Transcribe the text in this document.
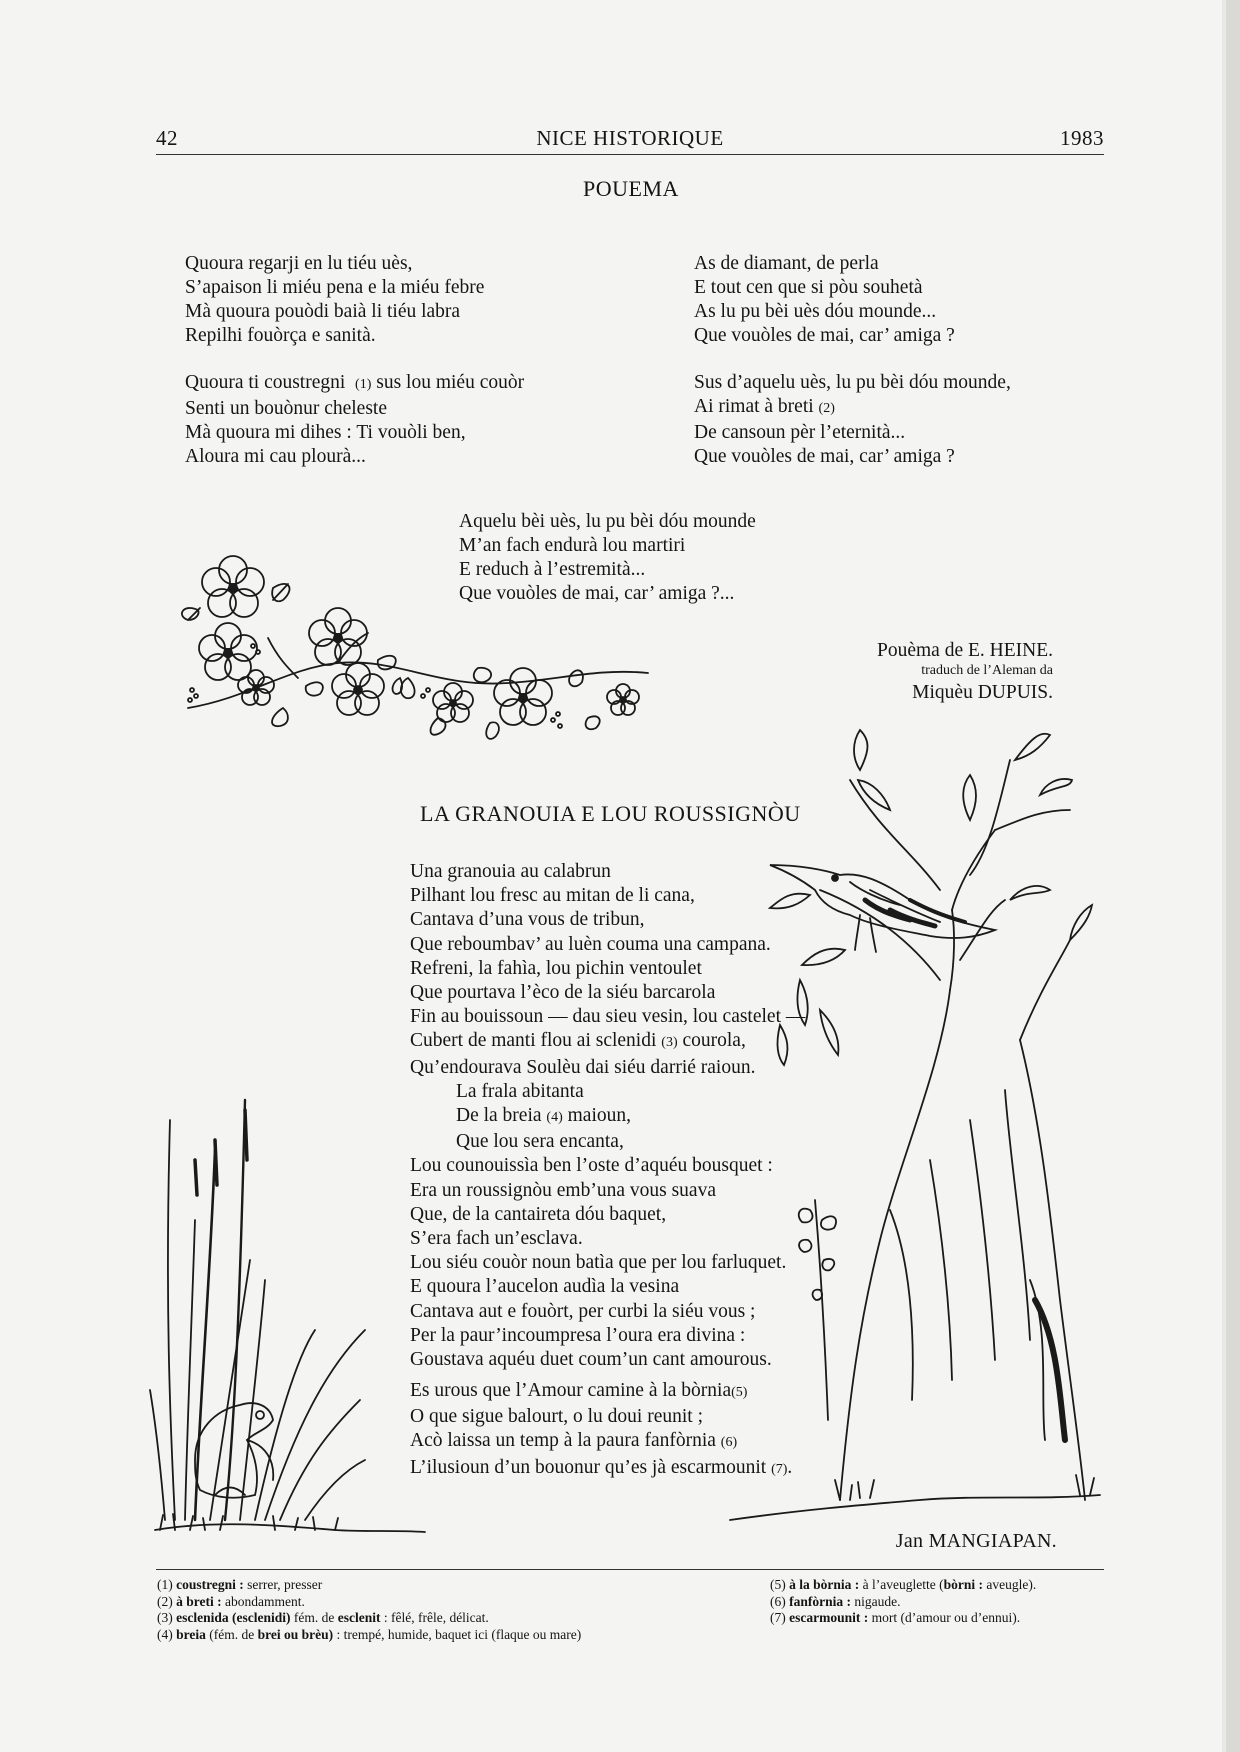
42	NICE HISTORIQUE	1983
POUEMA
Quoura regarji en lu tiéu uès,
S’apaison li miéu pena e la miéu febre
Mà quoura pouòdi baià li tiéu labra
Repilhi fouòrça e sanità.
Quoura ti coustregni (1) sus lou miéu couòr
Senti un bouònur cheleste
Mà quoura mi dihes : Ti vouòli ben,
Aloura mi cau plourà...
As de diamant, de perla
E tout cen que si pòu souhetà
As lu pu bèi uès dóu mounde...
Que vouòles de mai, car’ amiga ?
Sus d’aquelu uès, lu pu bèi dóu mounde,
Ai rimat à breti (2)
De cansoun pèr l’eternità...
Que vouòles de mai, car’ amiga ?
Aquelu bèi uès, lu pu bèi dóu mounde
M’an fach endurà lou martiri
E reduch à l’estremità...
Que vouòles de mai, car’ amiga ?...
Pouèma de E. HEINE.
traduch de l’Aleman da
Miquèu DUPUIS.
LA GRANOUIA E LOU ROUSSIGNÒU
Una granouia au calabrun
Pilhant lou fresc au mitan de li cana,
Cantava d’una vous de tribun,
Que reboumbav’ au luèn couma una campana.
Refreni, la fahìa, lou pichin ventoulet
Que pourtava l’èco de la siéu barcarola
Fin au bouissoun — dau sieu vesin, lou castelet —
Cubert de manti flou ai sclenidi (3) courola,
Qu’endourava Soulèu dai siéu darrié raioun.
La frala abitanta
De la breia (4) maioun,
Que lou sera encanta,
Lou counouissìa ben l’oste d’aquéu bousquet :
Era un roussignòu emb’una vous suava
Que, de la cantaireta dóu baquet,
S’era fach un’esclava.
Lou siéu couòr noun batìa que per lou farluquet.
E quoura l’aucelon audìa la vesina
Cantava aut e fouòrt, per curbi la siéu vous ;
Per la paur’incoumpresa l’oura era divina :
Goustava aquéu duet coum’un cant amourous.
Es urous que l’Amour camine à la bòrnia(5)
O que sigue balourt, o lu doui reunit ;
Acò laissa un temp à la paura fanfòrnia (6)
L’ilusioun d’un bouonur qu’es jà escarmounit (7).
Jan MANGIAPAN.
(1) coustregni : serrer, presser
(2) à breti : abondamment.
(3) esclenida (esclenidi) fém. de esclenit : fêlé, frêle, délicat.
(4) breia (fém. de brei ou brèu) : trempé, humide, baquet ici (flaque ou mare)
(5) à la bòrnia : à l’aveuglette (bòrni : aveugle).
(6) fanfòrnia : nigaude.
(7) escarmounit : mort (d’amour ou d’ennui).
